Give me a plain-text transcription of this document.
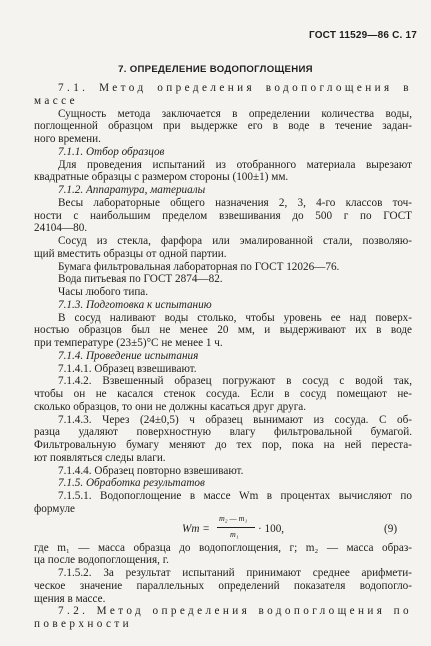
ГОСТ 11529—86 С. 17
7. ОПРЕДЕЛЕНИЕ ВОДОПОГЛОЩЕНИЯ
7.1. Метод определения водопоглощения в
массе
Сущность метода заключается в определении количества воды,
поглощенной образцом при выдержке его в воде в течение задан-
ного времени.
7.1.1. Отбор образцов
Для проведения испытаний из отобранного материала вырезают
квадратные образцы с размером стороны (100±1) мм.
7.1.2. Аппаратура, материалы
Весы лабораторные общего назначения 2, 3, 4-го классов точ-
ности с наибольшим пределом взвешивания до 500 г по ГОСТ
24104—80.
Сосуд из стекла, фарфора или эмалированной стали, позволяю-
щий вместить образцы от одной партии.
Бумага фильтровальная лабораторная по ГОСТ 12026—76.
Вода питьевая по ГОСТ 2874—82.
Часы любого типа.
7.1.3. Подготовка к испытанию
В сосуд наливают воды столько, чтобы уровень ее над поверх-
ностью образцов был не менее 20 мм, и выдерживают их в воде
при температуре (23±5)°С не менее 1 ч.
7.1.4. Проведение испытания
7.1.4.1. Образец взвешивают.
7.1.4.2. Взвешенный образец погружают в сосуд с водой так,
чтобы он не касался стенок сосуда. Если в сосуд помещают не-
сколько образцов, то они не должны касаться друг друга.
7.1.4.3. Через (24±0,5) ч образец вынимают из сосуда. С об-
разца удаляют поверхностную влагу фильтровальной бумагой.
Фильтровальную бумагу меняют до тех пор, пока на ней переста-
ют появляться следы влаги.
7.1.4.4. Образец повторно взвешивают.
7.1.5. Обработка результатов
7.1.5.1. Водопоглощение в массе Wm в процентах вычисляют по
формуле
где m₁ — масса образца до водопоглощения, г; m₂ — масса образ-
ца после водопоглощения, г.
7.1.5.2. За результат испытаний принимают среднее арифмети-
ческое значение параллельных определений показателя водопогло-
щения в массе.
7.2. Метод определения водопоглощения по
поверхности
Wm =
m₂ — m₁
m₁ · 100,	(9)
